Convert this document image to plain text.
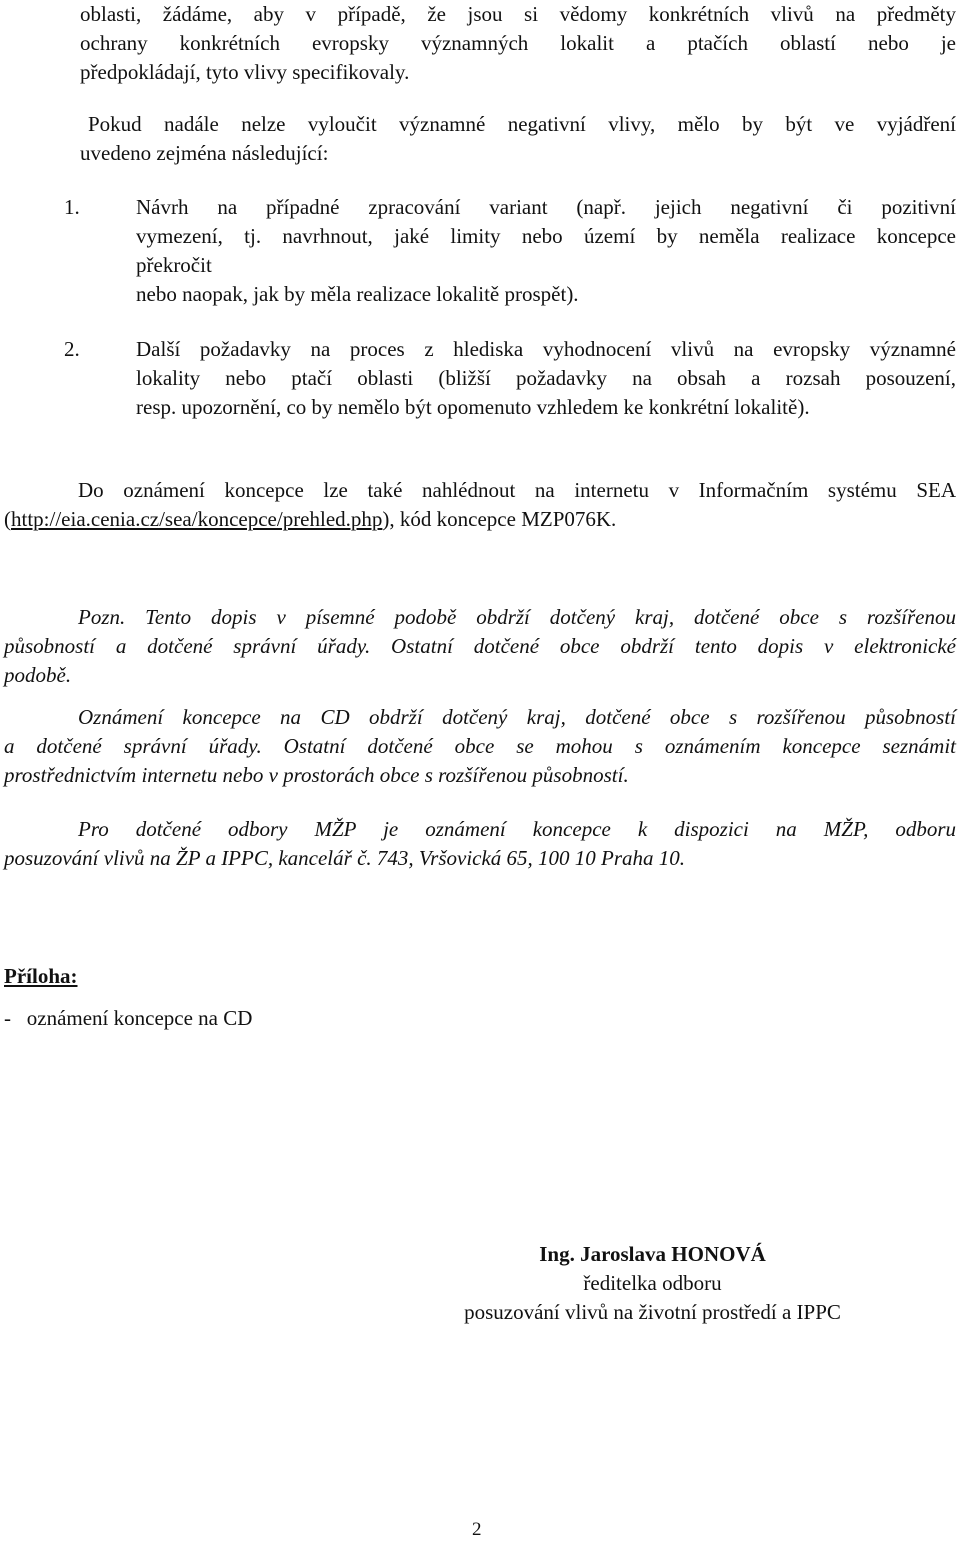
oblasti, žádáme, aby v případě, že jsou si vědomy konkrétních vlivů na předměty
ochrany konkrétních evropsky významných lokalit a ptačích oblastí nebo je
předpokládají, tyto vlivy specifikovaly.
Pokud nadále nelze vyloučit významné negativní vlivy, mělo by být ve vyjádření
uvedeno zejména následující:
1.	Návrh na případné zpracování variant (např. jejich negativní či pozitivní
vymezení, tj. navrhnout, jaké limity nebo území by neměla realizace koncepce
překročit
nebo naopak, jak by měla realizace lokalitě prospět).
2.	Další požadavky na proces z hlediska vyhodnocení vlivů na evropsky významné
lokality nebo ptačí oblasti (bližší požadavky na obsah a rozsah posouzení,
resp. upozornění, co by nemělo být opomenuto vzhledem ke konkrétní lokalitě).
Do oznámení koncepce lze také nahlédnout na internetu v Informačním systému SEA
(http://eia.cenia.cz/sea/koncepce/prehled.php), kód koncepce MZP076K.
Pozn. Tento dopis v písemné podobě obdrží dotčený kraj, dotčené obce s rozšířenou
působností a dotčené správní úřady. Ostatní dotčené obce obdrží tento dopis v elektronické
podobě.
Oznámení koncepce na CD obdrží dotčený kraj, dotčené obce s rozšířenou působností
a dotčené správní úřady. Ostatní dotčené obce se mohou s oznámením koncepce seznámit
prostřednictvím internetu nebo v prostorách obce s rozšířenou působností.
Pro dotčené odbory MŽP je oznámení koncepce k dispozici na MŽP, odboru
posuzování vlivů na ŽP a IPPC, kancelář č. 743, Vršovická 65, 100 10 Praha 10.
Příloha:
-   oznámení koncepce na CD
Ing. Jaroslava HONOVÁ
ředitelka odboru
posuzování vlivů na životní prostředí a IPPC
2
